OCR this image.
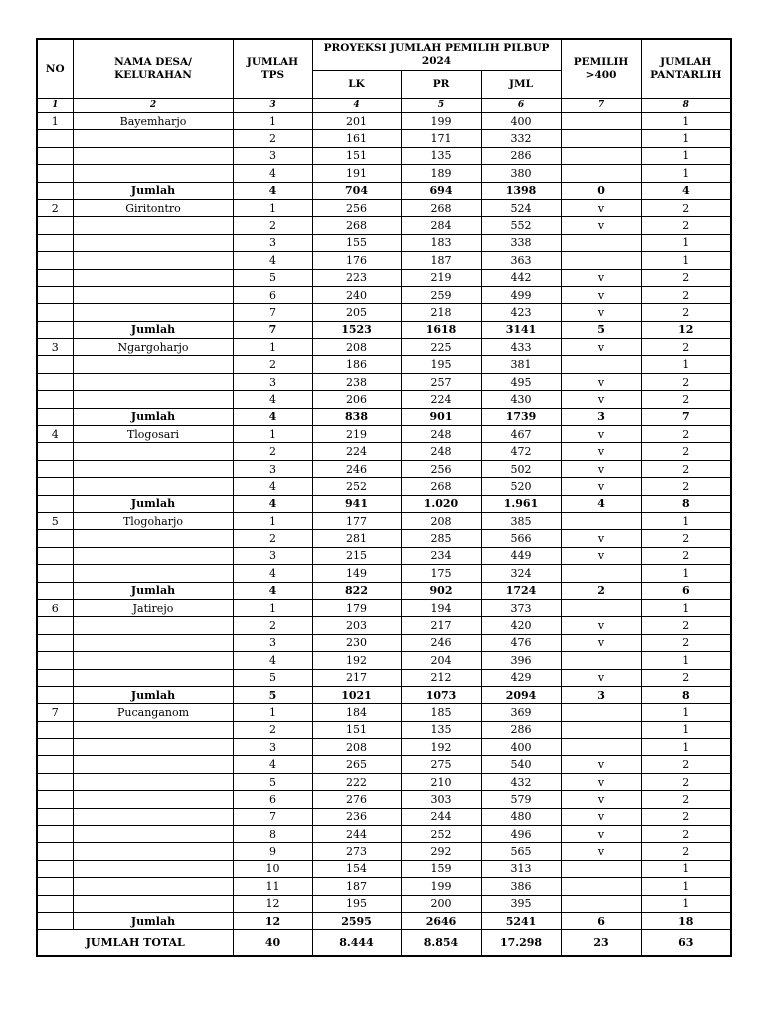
NO	NAMA DESA/ KELURAHAN	JUMLAH TPS	PROYEKSI JUMLAH PEMILIH PILBUP 2024			PEMILIH >400	JUMLAH PANTARLIH
			LK	PR	JML		
1	2	3	4	5	6	7	8
1	Bayemharjo	1	201	199	400		1
		2	161	171	332		1
		3	151	135	286		1
		4	191	189	380		1
	Jumlah	4	704	694	1398	0	4
2	Giritontro	1	256	268	524	v	2
		2	268	284	552	v	2
		3	155	183	338		1
		4	176	187	363		1
		5	223	219	442	v	2
		6	240	259	499	v	2
		7	205	218	423	v	2
	Jumlah	7	1523	1618	3141	5	12
3	Ngargoharjo	1	208	225	433	v	2
		2	186	195	381		1
		3	238	257	495	v	2
		4	206	224	430	v	2
	Jumlah	4	838	901	1739	3	7
4	Tlogosari	1	219	248	467	v	2
		2	224	248	472	v	2
		3	246	256	502	v	2
		4	252	268	520	v	2
	Jumlah	4	941	1.020	1.961	4	8
5	Tlogoharjo	1	177	208	385		1
		2	281	285	566	v	2
		3	215	234	449	v	2
		4	149	175	324		1
	Jumlah	4	822	902	1724	2	6
6	Jatirejo	1	179	194	373		1
		2	203	217	420	v	2
		3	230	246	476	v	2
		4	192	204	396		1
		5	217	212	429	v	2
	Jumlah	5	1021	1073	2094	3	8
7	Pucanganom	1	184	185	369		1
		2	151	135	286		1
		3	208	192	400		1
		4	265	275	540	v	2
		5	222	210	432	v	2
		6	276	303	579	v	2
		7	236	244	480	v	2
		8	244	252	496	v	2
		9	273	292	565	v	2
		10	154	159	313		1
		11	187	199	386		1
		12	195	200	395		1
	Jumlah	12	2595	2646	5241	6	18
JUMLAH TOTAL		40	8.444	8.854	17.298	23	63
